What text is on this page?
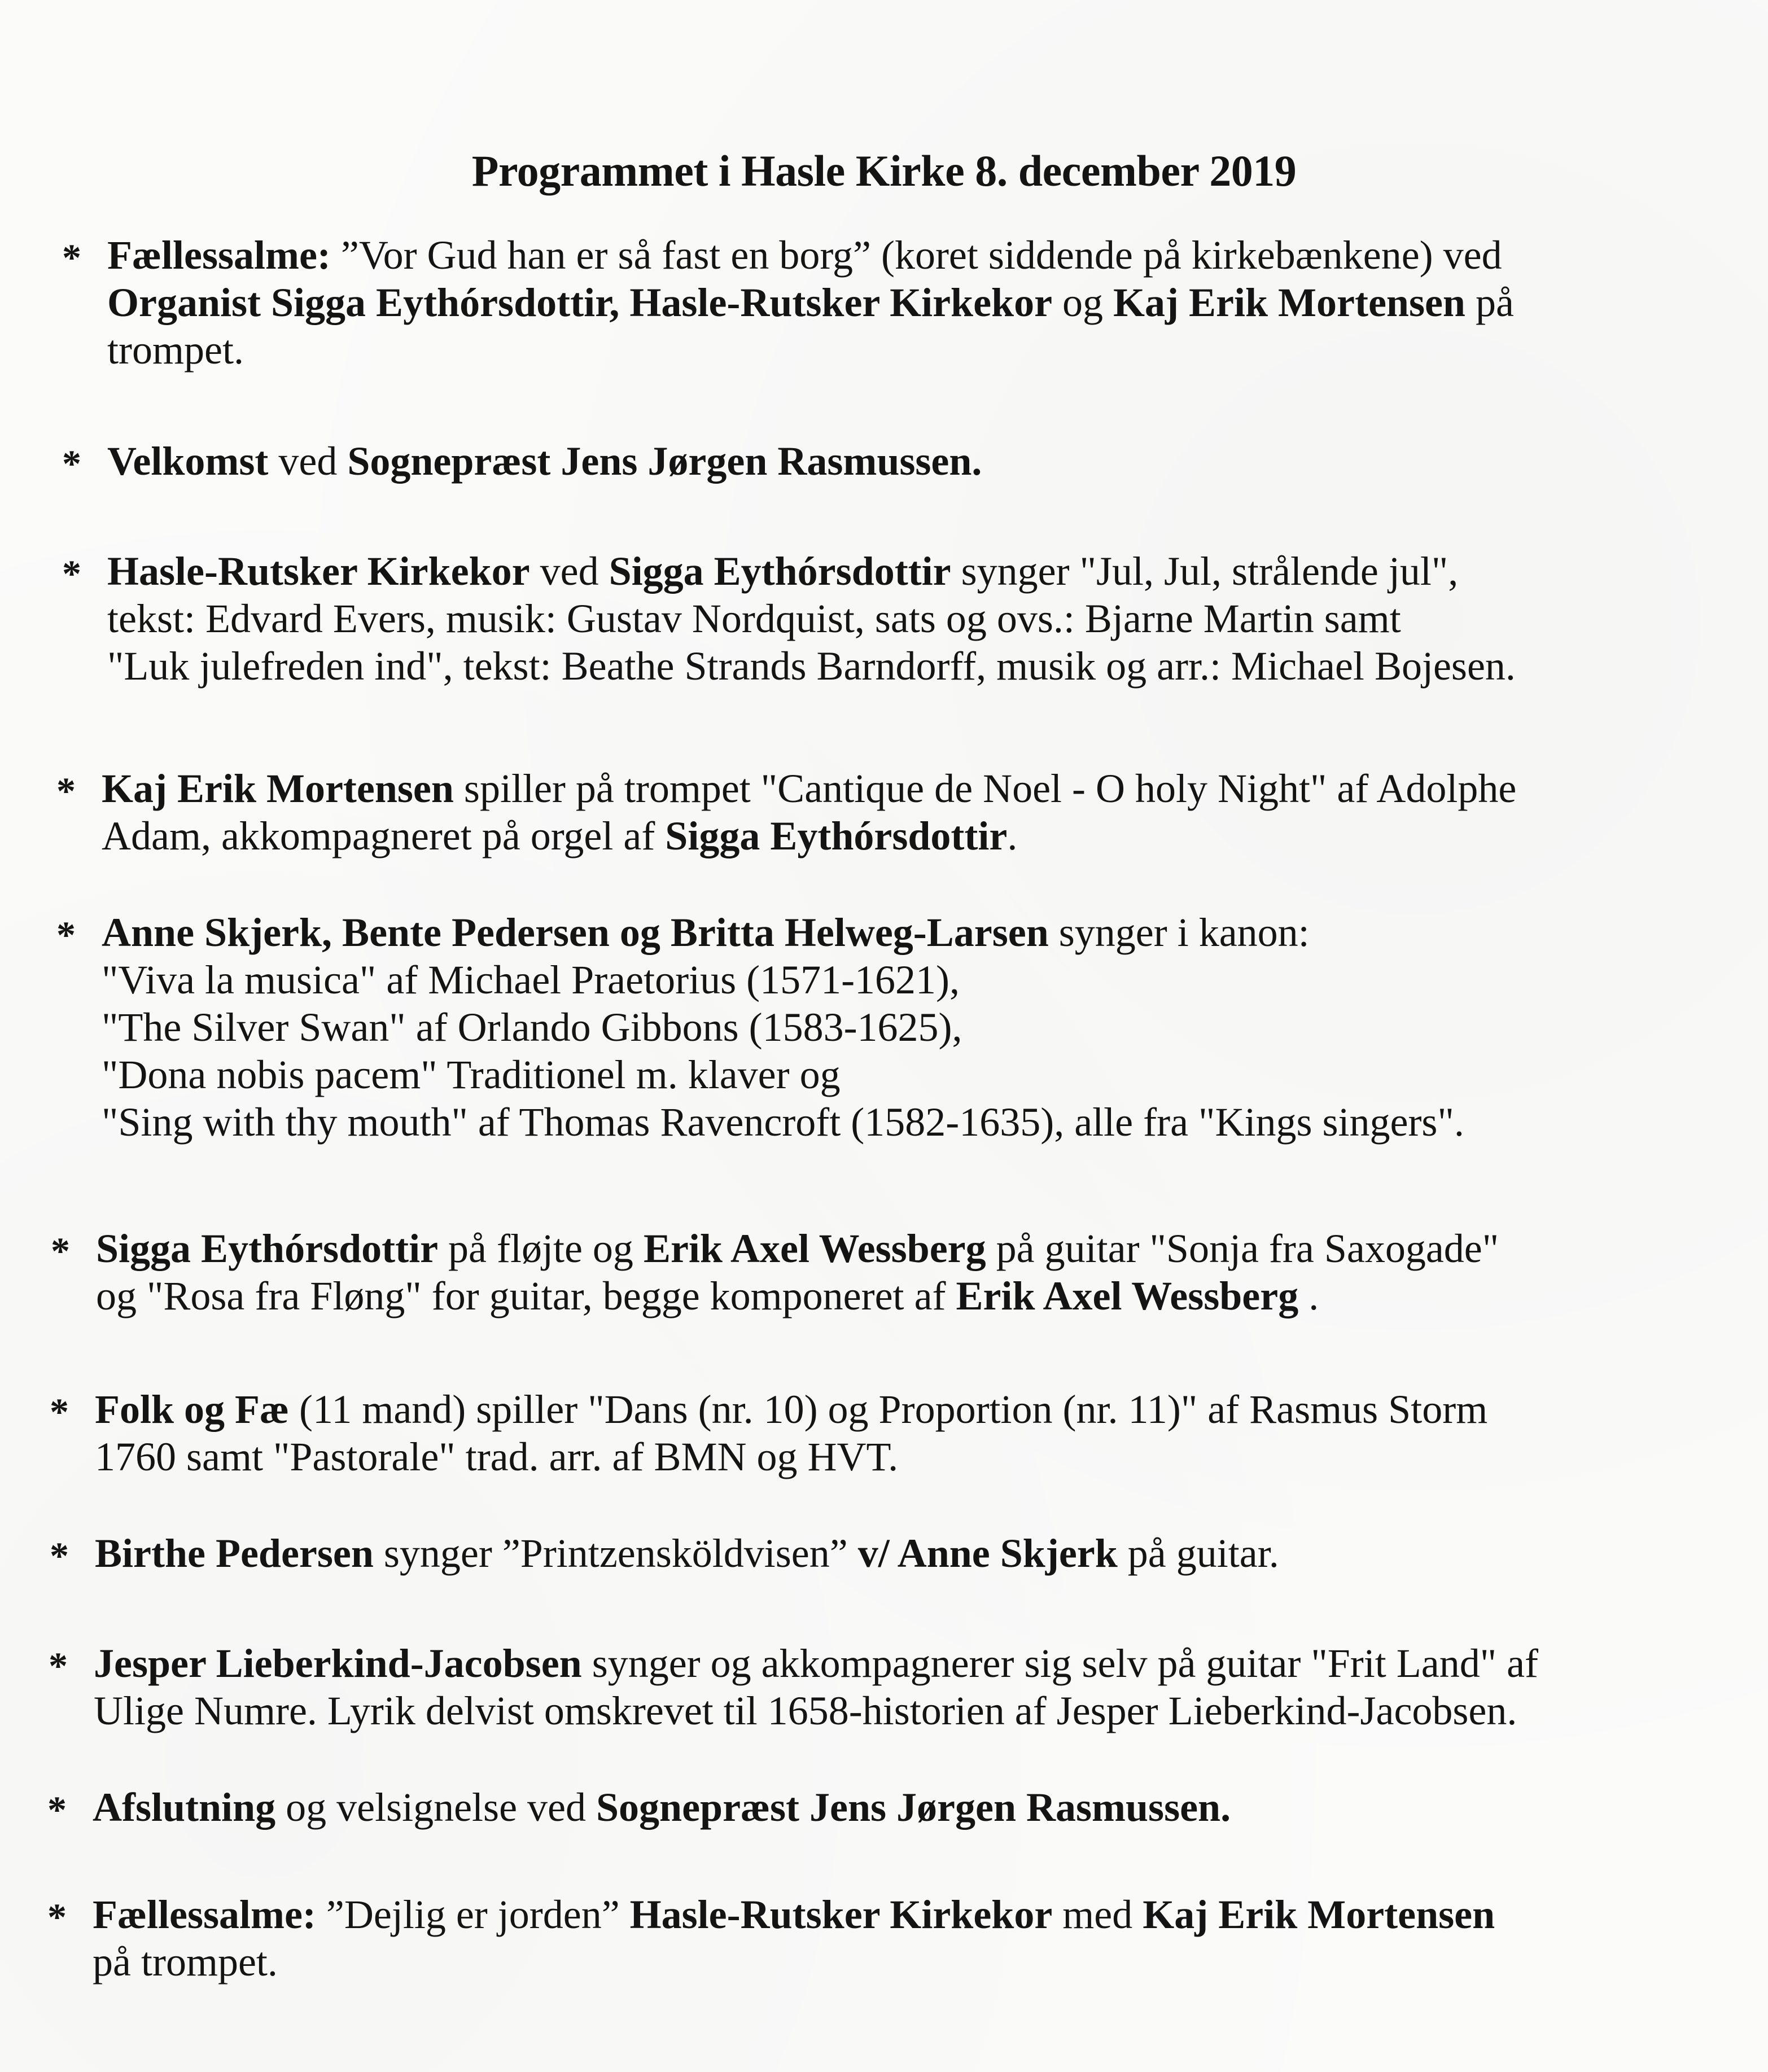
Programmet i Hasle Kirke 8. december 2019
* Fællessalme: ”Vor Gud han er så fast en borg” (koret siddende på kirkebænkene) ved
Organist Sigga Eythórsdottir, Hasle-Rutsker Kirkekor og Kaj Erik Mortensen på
trompet.
* Velkomst ved Sognepræst Jens Jørgen Rasmussen.
* Hasle-Rutsker Kirkekor ved Sigga Eythórsdottir synger "Jul, Jul, strålende jul",
tekst: Edvard Evers, musik: Gustav Nordquist, sats og ovs.: Bjarne Martin samt
"Luk julefreden ind", tekst: Beathe Strands Barndorff, musik og arr.: Michael Bojesen.
* Kaj Erik Mortensen spiller på trompet "Cantique de Noel - O holy Night" af Adolphe
Adam, akkompagneret på orgel af Sigga Eythórsdottir.
* Anne Skjerk, Bente Pedersen og Britta Helweg-Larsen synger i kanon:
"Viva la musica" af Michael Praetorius (1571-1621),
"The Silver Swan" af Orlando Gibbons (1583-1625),
"Dona nobis pacem" Traditionel m. klaver og
"Sing with thy mouth" af Thomas Ravencroft (1582-1635), alle fra "Kings singers".
* Sigga Eythórsdottir på fløjte og Erik Axel Wessberg på guitar "Sonja fra Saxogade"
og "Rosa fra Fløng" for guitar, begge komponeret af Erik Axel Wessberg .
* Folk og Fæ (11 mand) spiller "Dans (nr. 10) og Proportion (nr. 11)" af Rasmus Storm
1760 samt "Pastorale" trad. arr. af BMN og HVT.
* Birthe Pedersen synger ”Printzensköldvisen” v/ Anne Skjerk på guitar.
* Jesper Lieberkind-Jacobsen synger og akkompagnerer sig selv på guitar "Frit Land" af
Ulige Numre. Lyrik delvist omskrevet til 1658-historien af Jesper Lieberkind-Jacobsen.
* Afslutning og velsignelse ved Sognepræst Jens Jørgen Rasmussen.
* Fællessalme: ”Dejlig er jorden” Hasle-Rutsker Kirkekor med Kaj Erik Mortensen
på trompet.
